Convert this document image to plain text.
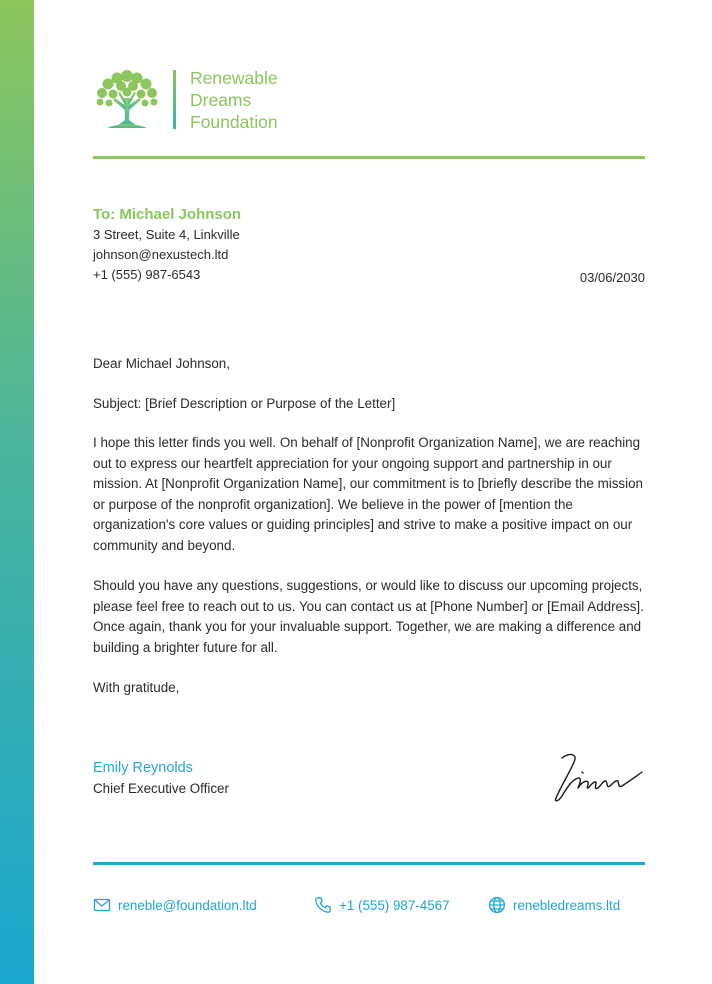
Renewable
Dreams
Foundation
To: Michael Johnson
3 Street, Suite 4, Linkville
johnson@nexustech.ltd
+1 (555) 987-6543	03/06/2030

Dear Michael Johnson,

Subject: [Brief Description or Purpose of the Letter]

I hope this letter finds you well. On behalf of [Nonprofit Organization Name], we are reaching out to express our heartfelt appreciation for your ongoing support and partnership in our mission. At [Nonprofit Organization Name], our commitment is to [briefly describe the mission or purpose of the nonprofit organization]. We believe in the power of [mention the organization's core values or guiding principles] and strive to make a positive impact on our community and beyond.

Should you have any questions, suggestions, or would like to discuss our upcoming projects, please feel free to reach out to us. You can contact us at [Phone Number] or [Email Address]. Once again, thank you for your invaluable support. Together, we are making a difference and building a brighter future for all.

With gratitude,

Emily Reynolds
Chief Executive Officer
reneble@foundation.ltd	+1 (555) 987-4567	renebledreams.ltd
